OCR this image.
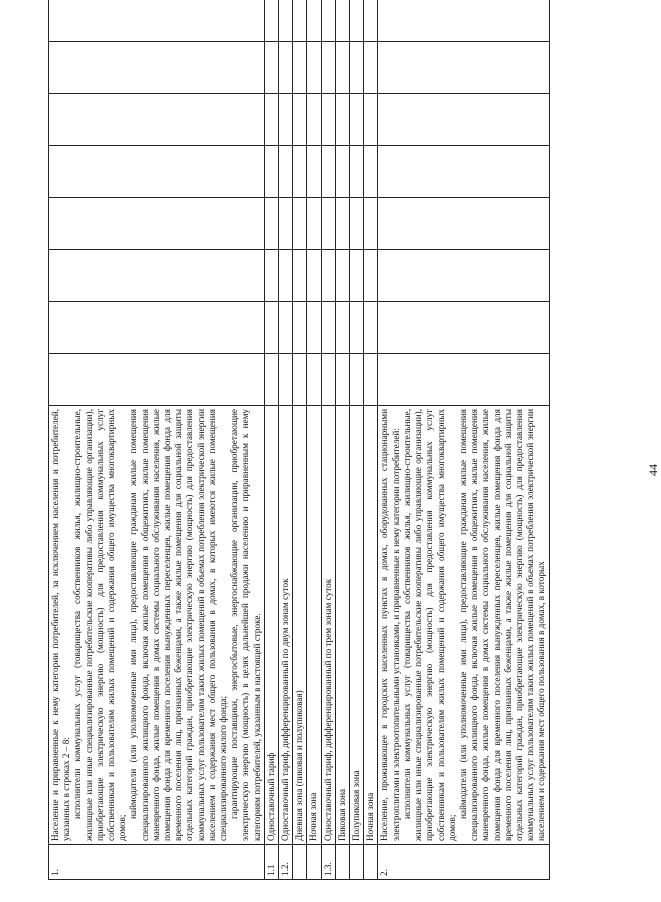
1.	Население и приравненные к нему категории потребителей, за исключением населения и потребителей, указанных в строках 2 – 8: исполнители коммунальных услуг (товарищества собственников жилья, жилищно-строительные, жилищные или иные специализированные потребительские кооперативы либо управляющие организации), приобретающие электрическую энергию (мощность) для предоставления коммунальных услуг собственникам и пользователям жилых помещений и содержания общего имущества многоквартирных домов;

наймодатели (или уполномоченные ими лица), предоставляющие гражданам жилые помещения специализированного жилищного фонда, включая жилые помещения в общежитиях, жилые помещения маневренного фонда, жилые помещения в домах системы социального обслуживания населения, жилые помещения фонда для временного поселения вынужденных переселенцев, жилые помещения фонда для временного поселения лиц, признанных беженцами, а также жилые помещения для социальной защиты отдельных категорий граждан, приобретающие электрическую энергию (мощность) для предоставления коммунальных услуг пользователям таких жилых помещений в объемах потребления электрической энергии населением и содержания мест общего пользования в домах, в которых имеются жилые помещения специализированного жилого фонда; гарантирующие поставщики, энергосбытовые, энергоснабжающие организации, приобретающие электрическую энергию (мощность) в целях дальнейшей продажи населению и приравненным к нему категориям потребителей, указанным в настоящей строке.								

1.1	Одноставочный тариф								
1.2.	Одноставочный тариф, дифференцированный по двум зонам суток								
	Дневная зона (пиковая и полупиковая)								
	Ночная зона								
1.3.	Одноставочный тариф, дифференцированный по трем зонам суток								
	Пиковая зона								
	Полупиковая зона								
	Ночная зона								
2.	Население, проживающее в городских населенных пунктах в домах, оборудованных стационарными электроплитами и электроотопительными установками, и приравненные к нему категории потребителей: исполнители коммунальных услуг (товарищества собственников жилья, жилищно-строительные, жилищные или иные специализированные потребительские кооперативы либо управляющие организации), приобретающие электрическую энергию (мощность) для предоставления коммунальных услуг собственникам и пользователям жилых помещений и содержания общего имущества многоквартирных домов;

наймодатели (или уполномоченные ими лица), предоставляющие гражданам жилые помещения специализированного жилищного фонда, включая жилые помещения в общежитиях, жилые помещения маневренного фонда, жилые помещения в домах системы социального обслуживания населения, жилые помещения фонда для временного поселения вынужденных переселенцев, жилые помещения фонда для временного поселения лиц, признанных беженцами, а также жилые помещения для социальной защиты отдельных категорий граждан, приобретающие электрическую энергию (мощность) для предоставления коммунальных услуг пользователям таких жилых помещений в объемах потребления электрической энергии населением и содержания мест общего пользования в домах, в которых								

44
